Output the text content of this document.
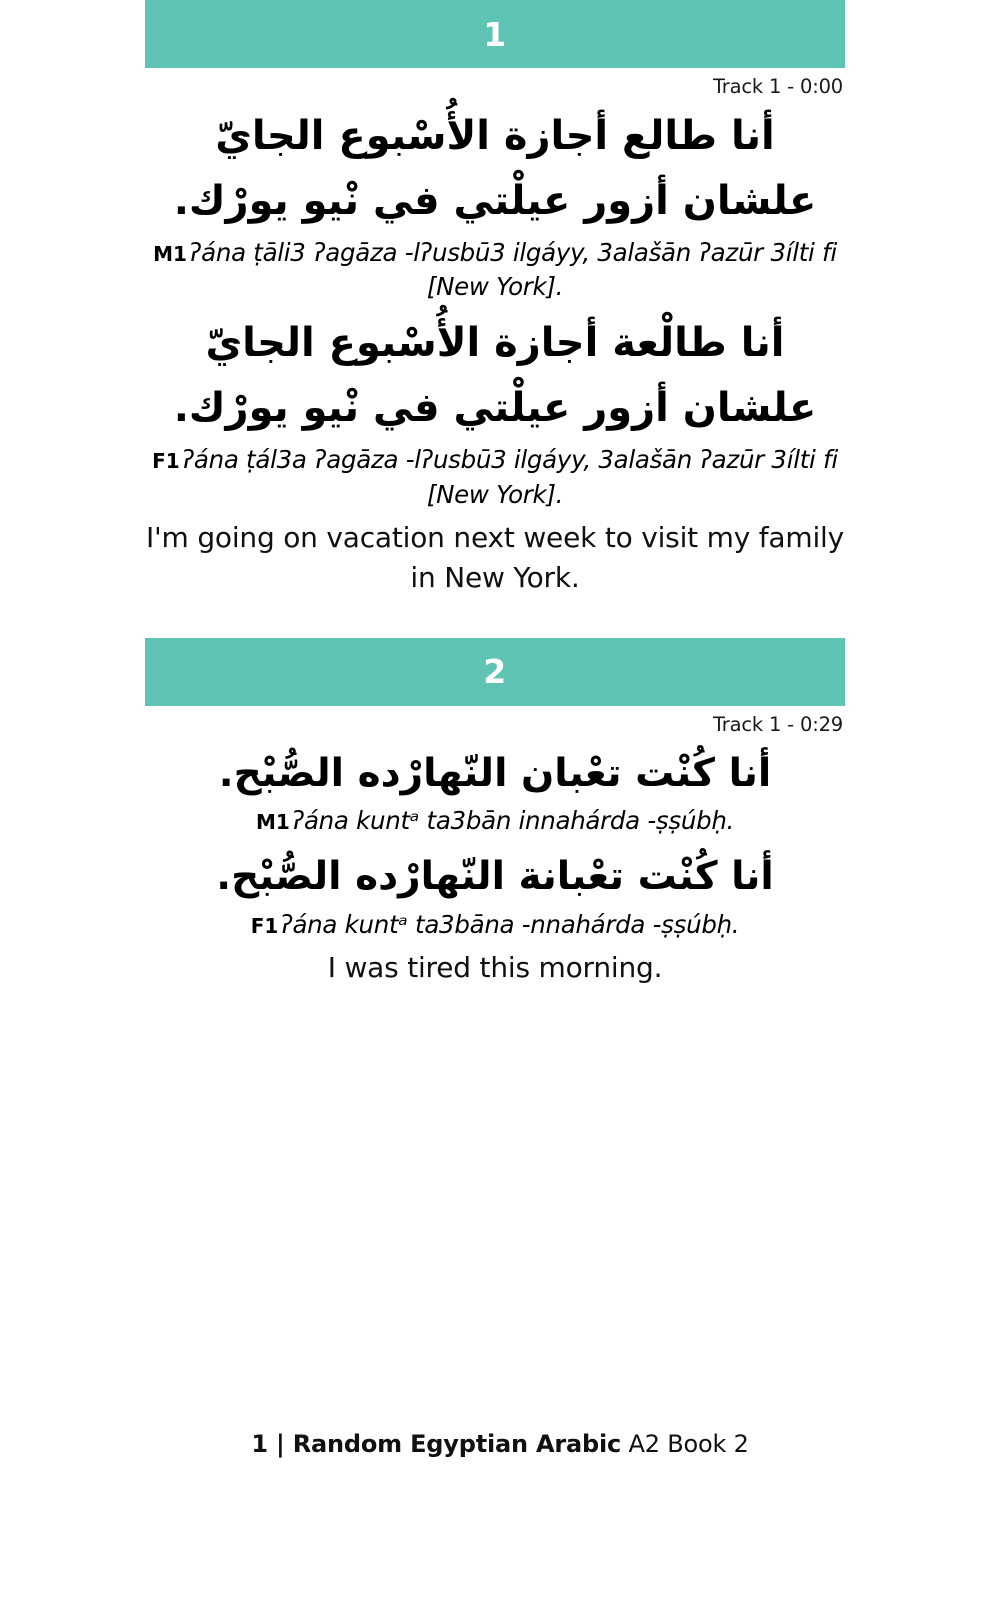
1
Track 1 - 0:00
أنا طالع أجازة الأُسْبوع الجايّ علشان أزور عيلْتي في نْيو يورْك.
M1ʔána ṭāli3 ʔagāza -lʔusbū3 ilgáyy, 3alašān ʔazūr 3ílti fi [New York].
أنا طالْعة أجازة الأُسْبوع الجايّ علشان أزور عيلْتي في نْيو يورْك.
F1ʔána ṭál3a ʔagāza -lʔusbū3 ilgáyy, 3alašān ʔazūr 3ílti fi [New York].
I'm going on vacation next week to visit my family in New York.
2
Track 1 - 0:29
أنا كُنْت تعْبان النّهارْده الصُّبْح.
M1ʔána kuntᵃ ta3bān innahárda -ṣṣúbḥ.
أنا كُنْت تعْبانة النّهارْده الصُّبْح.
F1ʔána kuntᵃ ta3bāna -nnahárda -ṣṣúbḥ.
I was tired this morning.
1 | Random Egyptian Arabic A2 Book 2
